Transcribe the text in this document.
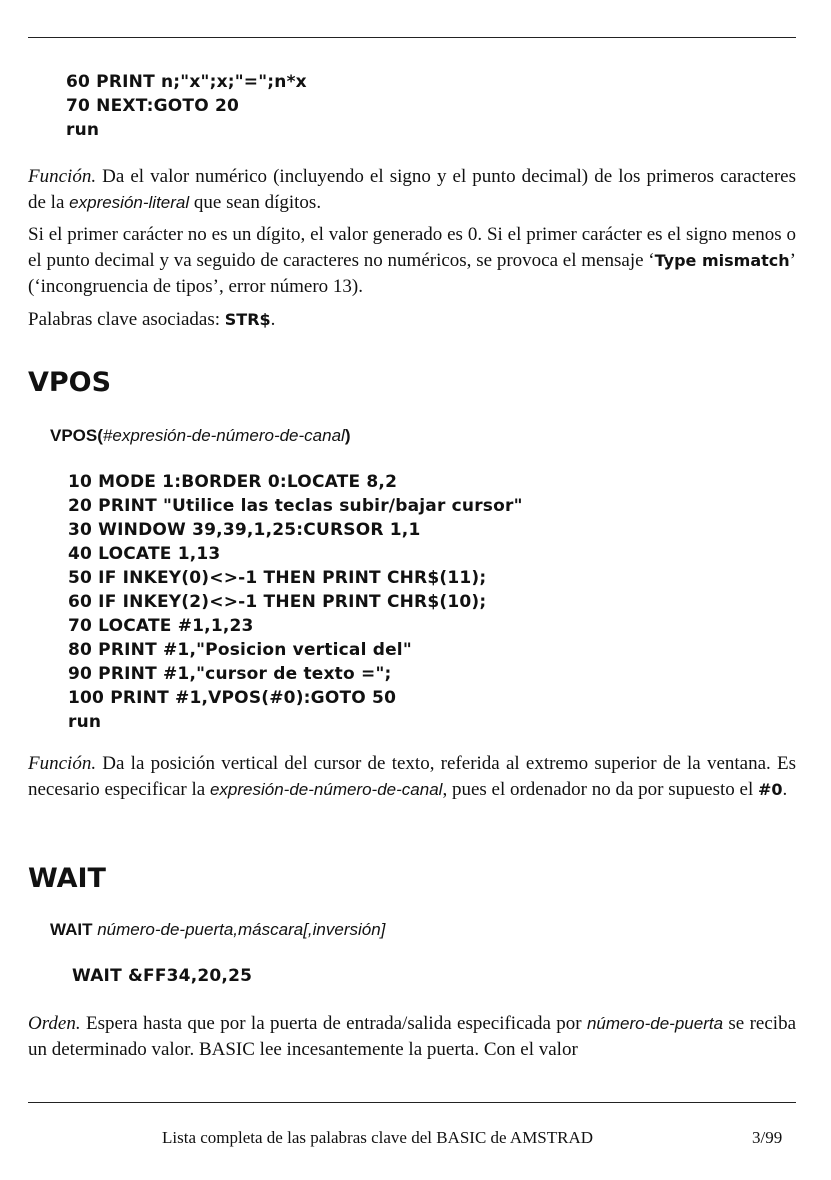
60 PRINT n;"x";x;"=";n*x
70 NEXT:GOTO 20
run

Función. Da el valor numérico (incluyendo el signo y el punto decimal) de los primeros caracteres de la expresión-literal que sean dígitos.

Si el primer carácter no es un dígito, el valor generado es 0. Si el primer carácter es el signo menos o el punto decimal y va seguido de caracteres no numéricos, se provoca el mensaje ‘Type mismatch’ (‘incongruencia de tipos’, error número 13).

Palabras clave asociadas: STR$.

VPOS
VPOS(#expresión-de-número-de-canal)
10 MODE 1:BORDER 0:LOCATE 8,2
20 PRINT "Utilice las teclas subir/bajar cursor"
30 WINDOW 39,39,1,25:CURSOR 1,1
40 LOCATE 1,13
50 IF INKEY(0)<>-1 THEN PRINT CHR$(11);
60 IF INKEY(2)<>-1 THEN PRINT CHR$(10);
70 LOCATE #1,1,23
80 PRINT #1,"Posicion vertical del"
90 PRINT #1,"cursor de texto =";
100 PRINT #1,VPOS(#0):GOTO 50
run

Función. Da la posición vertical del cursor de texto, referida al extremo superior de la ventana. Es necesario especificar la expresión-de-número-de-canal, pues el ordenador no da por supuesto el #0.

WAIT
WAIT número-de-puerta,máscara[,inversión]
WAIT &FF34,20,25

Orden. Espera hasta que por la puerta de entrada/salida especificada por número-de-puerta se reciba un determinado valor. BASIC lee incesantemente la puerta. Con el valor

Lista completa de las palabras clave del BASIC de AMSTRAD	3/99
